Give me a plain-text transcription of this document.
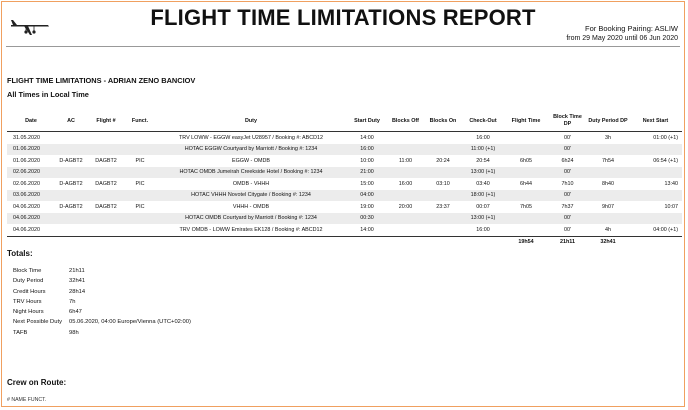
FLIGHT TIME LIMITATIONS REPORT	For Booking Pairing: ASLIW
from 29 May 2020 until 06 Jun 2020
FLIGHT TIME LIMITATIONS - ADRIAN ZENO BANCIOV
All Times in Local Time
Date	AC	Flight #	Funct.	Duty	Start Duty	Blocks Off	Blocks On	Check-Out	Flight Time	Block Time DP	Duty Period DP	Next Start
31.05.2020				TRV LOWW - EGGW easyJet U28957 / Booking #: ABCD12	14:00			16:00		00'	3h	01:00 (+1)
01.06.2020				HOTAC EGGW Courtyard by Marriott / Booking #: 1234	16:00			11:00 (+1)		00'		
01.06.2020	D-AGBT2	DAGBT2	PIC	EGGW - OMDB	10:00	11:00	20:24	20:54	6h05	6h24	7h54	06:54 (+1)
02.06.2020				HOTAC OMDB Jumeirah Creekside Hotel / Booking #: 1234	21:00			13:00 (+1)		00'		
02.06.2020	D-AGBT2	DAGBT2	PIC	OMDB - VHHH	15:00	16:00	03:10	03:40	6h44	7h10	8h40	13:40
03.06.2020				HOTAC VHHH Novotel Citygate / Booking #: 1234	04:00			18:00 (+1)		00'		
04.06.2020	D-AGBT2	DAGBT2	PIC	VHHH - OMDB	19:00	20:00	23:37	00:07	7h05	7h37	9h07	10:07
04.06.2020				HOTAC OMDB Courtyard by Marriott / Booking #: 1234	00:30			13:00 (+1)		00'		
04.06.2020				TRV OMDB - LOWW Emirates EK128 / Booking #: ABCD12	14:00			16:00		00'	4h	04:00 (+1)
									19h54	21h11	32h41	
Totals:
Block Time	21h11
Duty Period	32h41
Credit Hours	28h14
TRV Hours	7h
Night Hours	6h47
Next Possible Duty	05.06.2020, 04:00 Europe/Vienna (UTC+02:00)
TAFB	98h
Crew on Route:
# NAME FUNCT.
